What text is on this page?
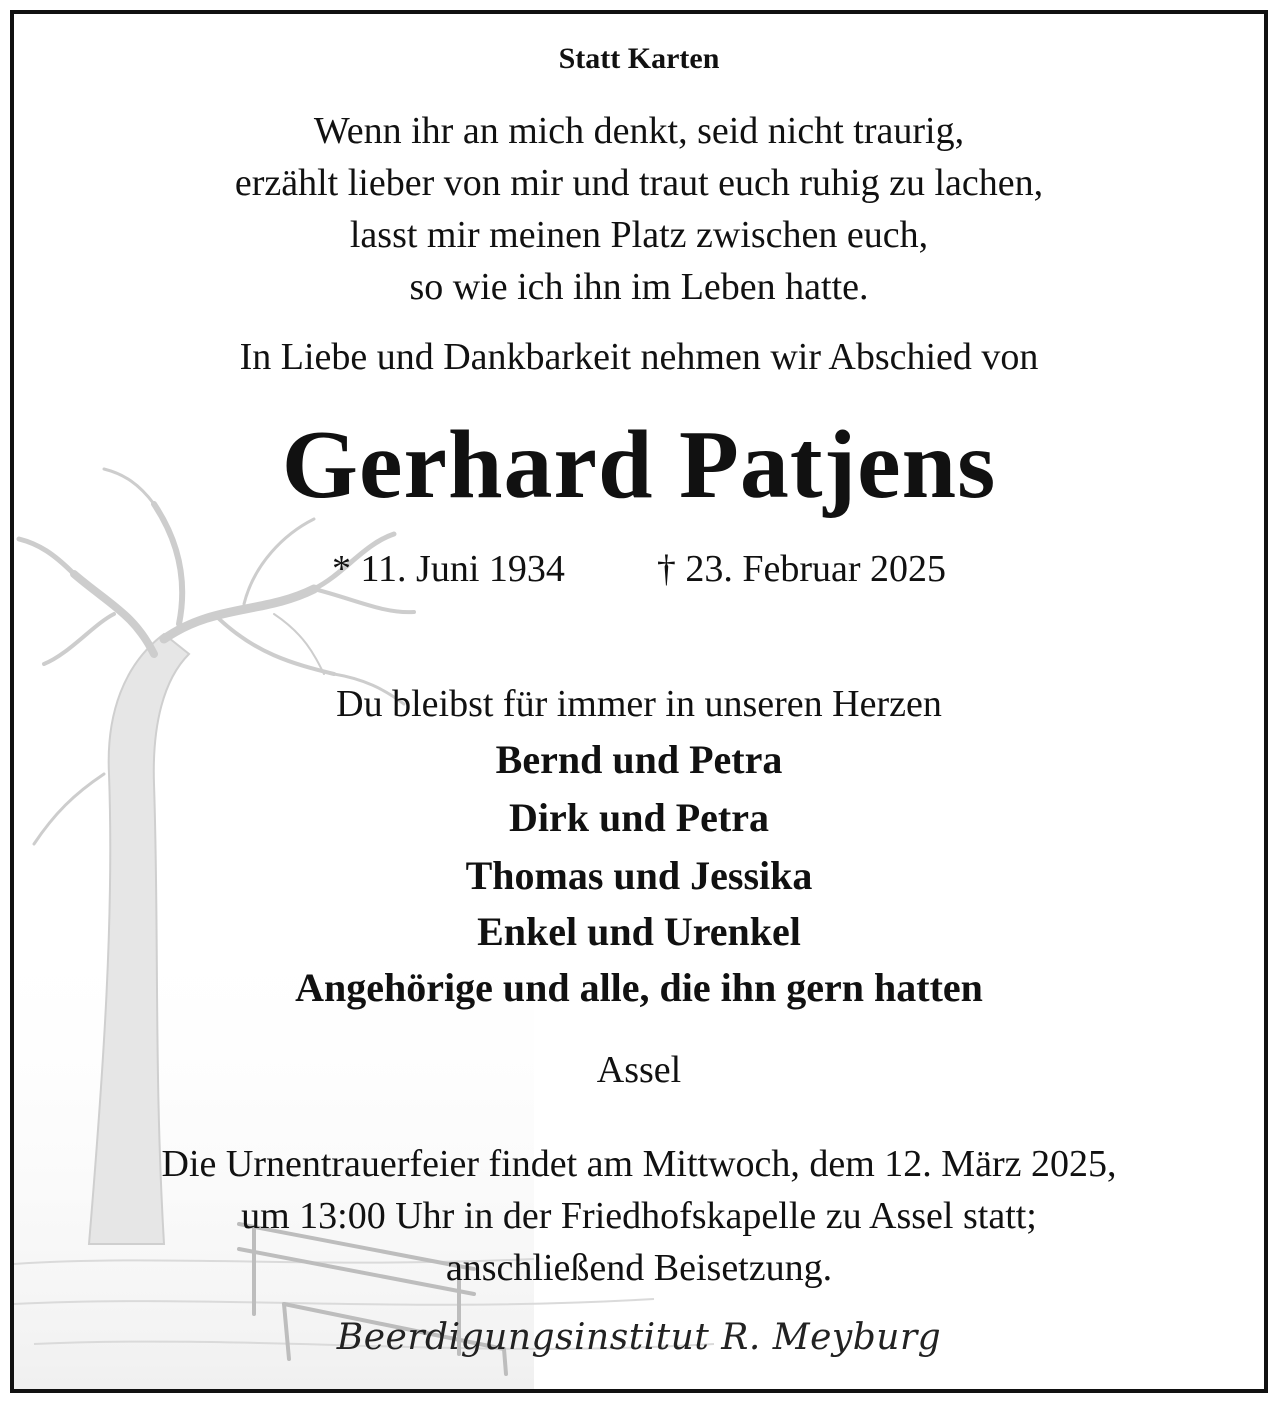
Statt Karten
Wenn ihr an mich denkt, seid nicht traurig,
erzählt lieber von mir und traut euch ruhig zu lachen,
lasst mir meinen Platz zwischen euch,
so wie ich ihn im Leben hatte.
In Liebe und Dankbarkeit nehmen wir Abschied von
Gerhard Patjens
* 11. Juni 1934 † 23. Februar 2025
Du bleibst für immer in unseren Herzen
Bernd und Petra
Dirk und Petra
Thomas und Jessika
Enkel und Urenkel
Angehörige und alle, die ihn gern hatten
Assel
Die Urnentrauerfeier findet am Mittwoch, dem 12. März 2025,
um 13:00 Uhr in der Friedhofskapelle zu Assel statt;
anschließend Beisetzung.
Beerdigungsinstitut R. Meyburg
